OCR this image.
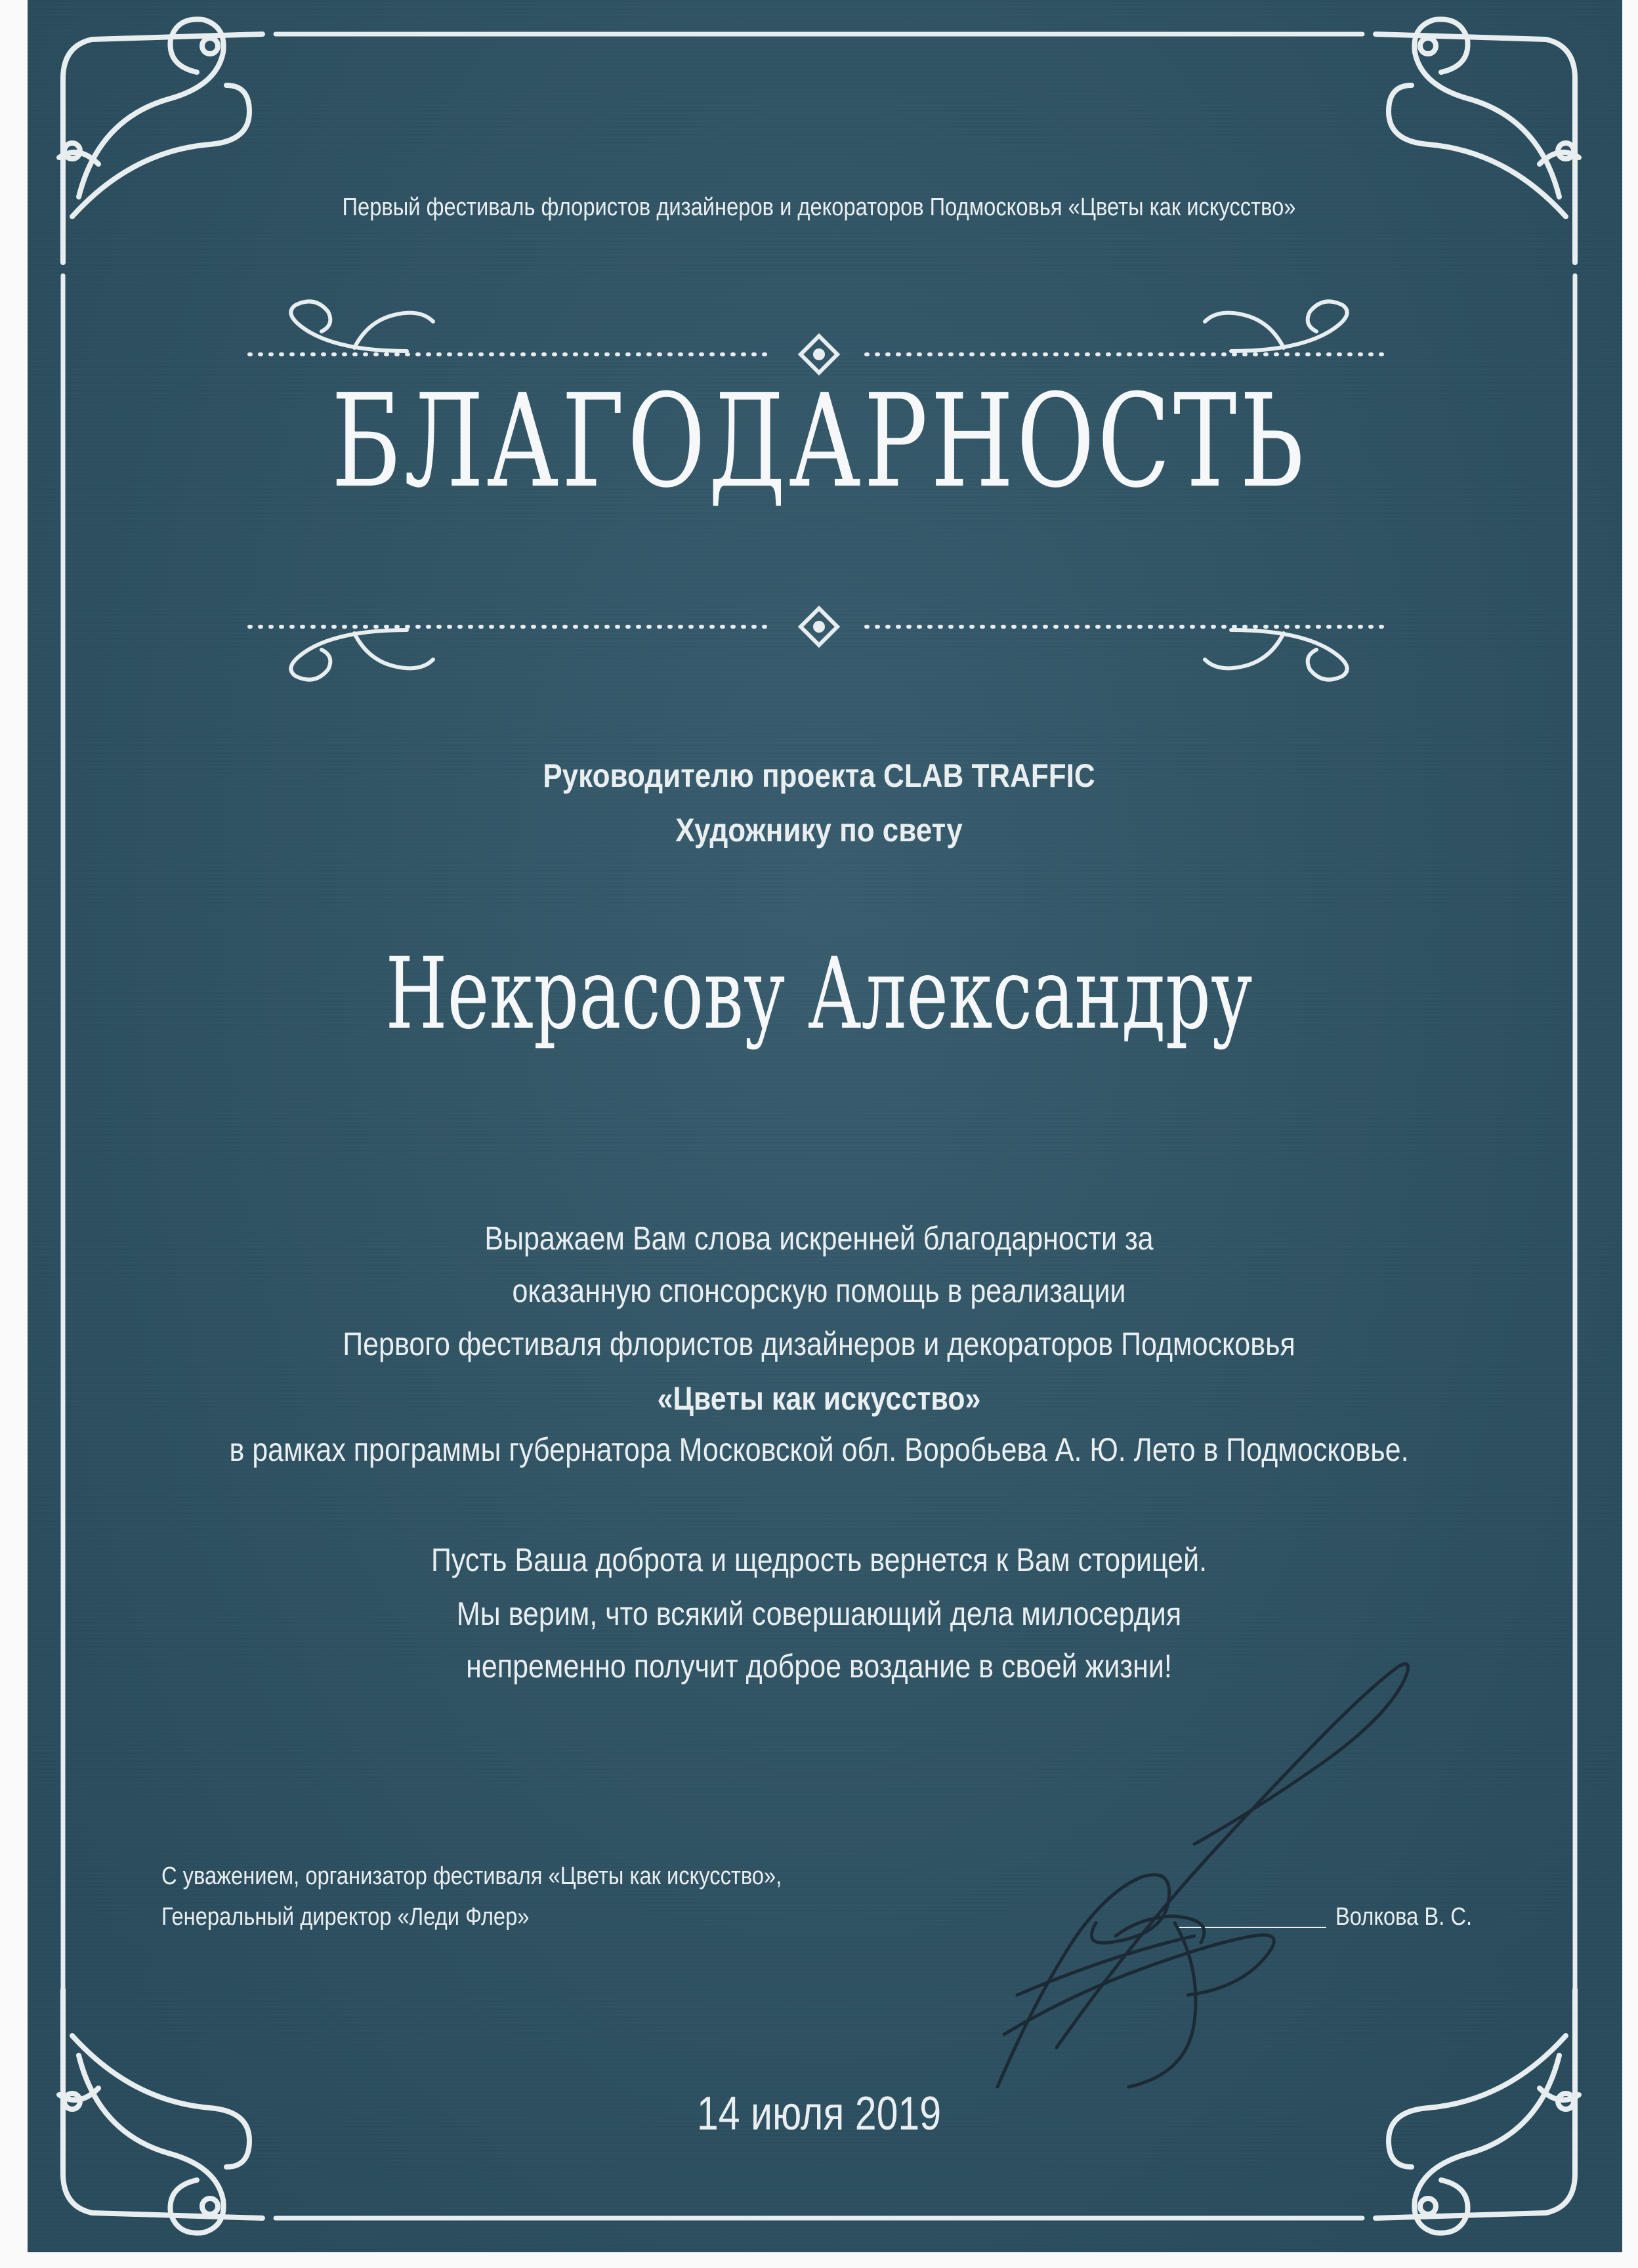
Первый фестиваль флористов дизайнеров и декораторов Подмосковья «Цветы как искусство»
БЛАГОДАРНОСТЬ
Руководителю проекта CLAB TRAFFIC
Художнику по свету
Некрасову Александру
Выражаем Вам слова искренней благодарности за
оказанную спонсорскую помощь в реализации
Первого фестиваля флористов дизайнеров и декораторов Подмосковья
«Цветы как искусство»
в рамках программы губернатора Московской обл. Воробьева А. Ю. Лето в Подмосковье.
Пусть Ваша доброта и щедрость вернется к Вам сторицей.
Мы верим, что всякий совершающий дела милосердия
непременно получит доброе воздание в своей жизни!
С уважением, организатор фестиваля «Цветы как искусство»,
Генеральный директор «Леди Флер»	Волкова В. С.
14 июля 2019
